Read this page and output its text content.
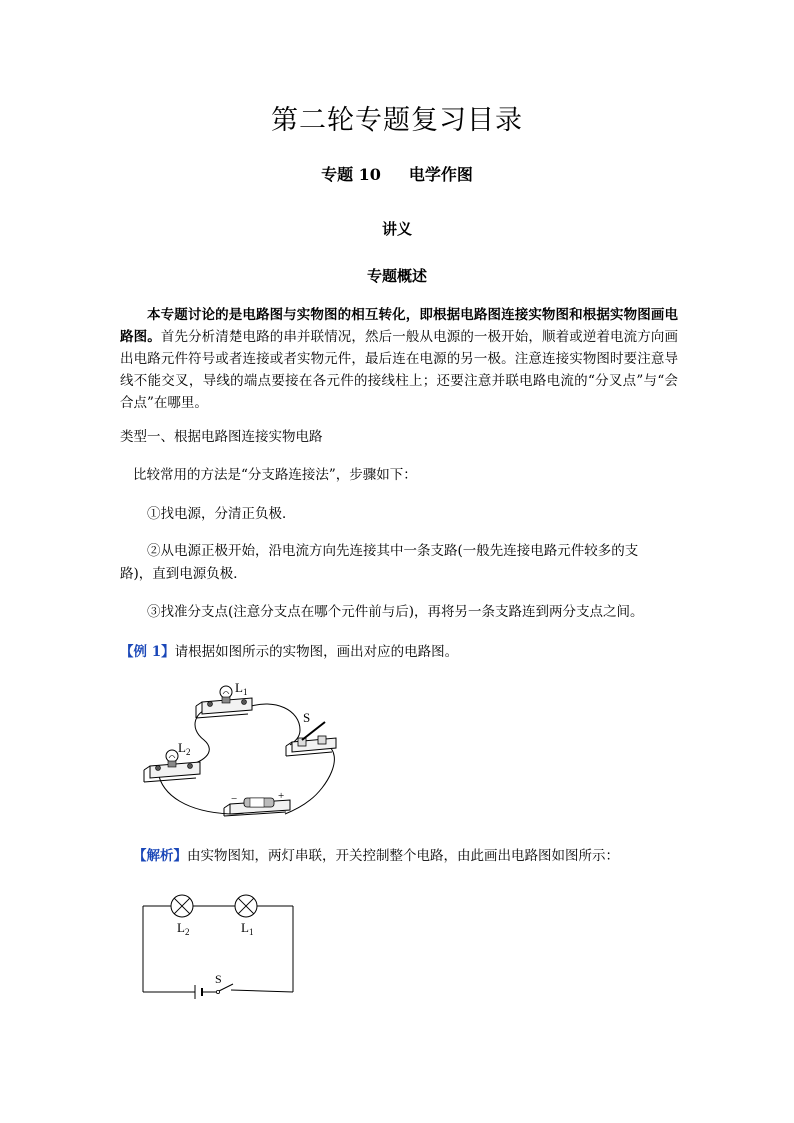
第二轮专题复习目录
专题 10 电学作图
讲义
专题概述
本专题讨论的是电路图与实物图的相互转化，即根据电路图连接实物图和根据实物图画电路图。首先分析清楚电路的串并联情况，然后一般从电源的一极开始，顺着或逆着电流方向画出电路元件符号或者连接或者实物元件，最后连在电源的另一极。注意连接实物图时要注意导线不能交叉，导线的端点要接在各元件的接线柱上；还要注意并联电路电流的“分叉点”与“会合点”在哪里。
类型一、根据电路图连接实物电路
比较常用的方法是“分支路连接法”，步骤如下：
①找电源，分清正负极．
②从电源正极开始，沿电流方向先连接其中一条支路(一般先连接电路元件较多的支
路)，直到电源负极．
③找准分支点(注意分支点在哪个元件前与后)，再将另一条支路连到两分支点之间。
【例 1】请根据如图所示的实物图，画出对应的电路图。
$L_1$
$L_2$
S
−	+
【解析】由实物图知，两灯串联，开关控制整个电路，由此画出电路图如图所示：
$L_2$	$L_1$
S
